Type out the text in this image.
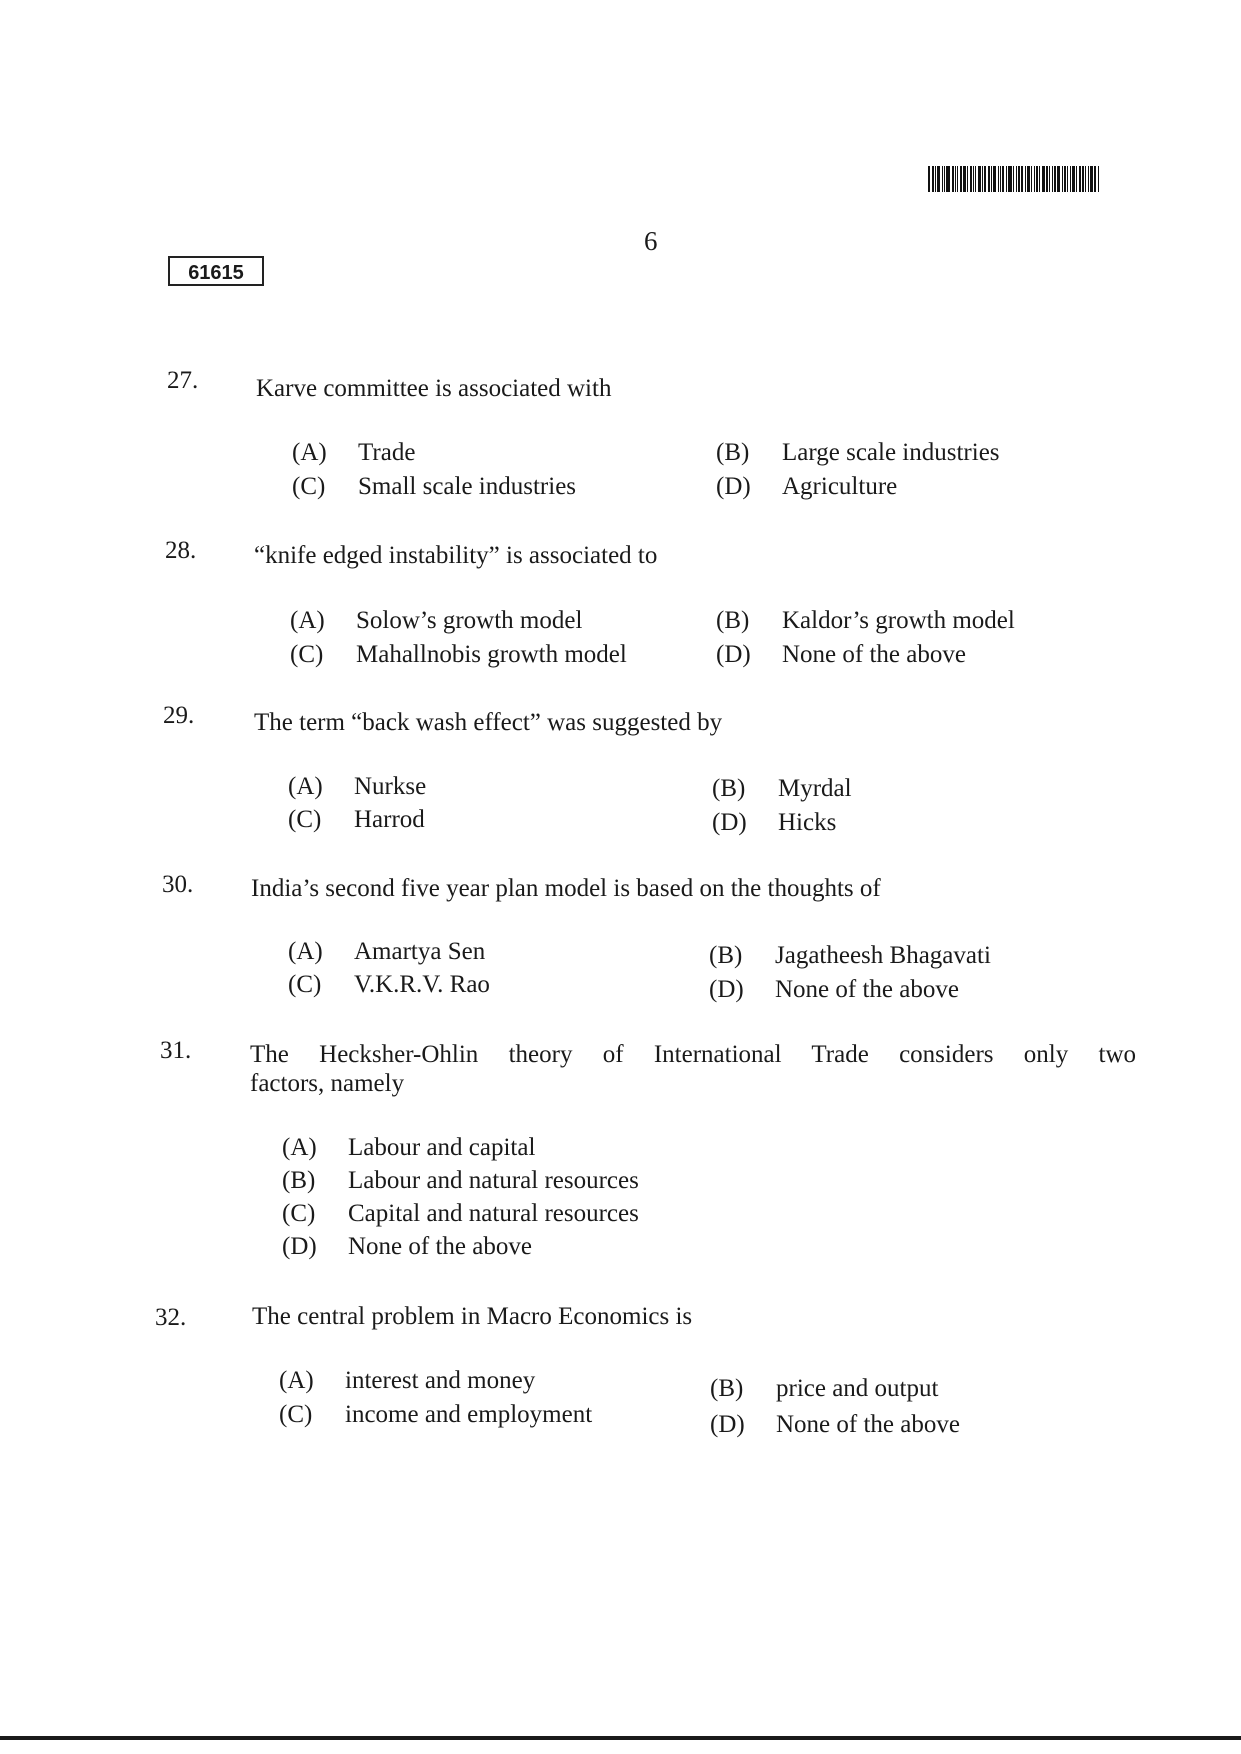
6
61615
27. Karve committee is associated with
(A) Trade	(B) Large scale industries
(C) Small scale industries	(D) Agriculture
28. “knife edged instability” is associated to
(A) Solow’s growth model	(B) Kaldor’s growth model
(C) Mahallnobis growth model	(D) None of the above
29. The term “back wash effect” was suggested by
(A) Nurkse	(B) Myrdal
(C) Harrod	(D) Hicks
30. India’s second five year plan model is based on the thoughts of
(A) Amartya Sen	(B) Jagatheesh Bhagavati
(C) V.K.R.V. Rao	(D) None of the above
31. The Hecksher-Ohlin theory of International Trade considers only two
factors, namely
(A) Labour and capital
(B) Labour and natural resources
(C) Capital and natural resources
(D) None of the above
32.	The central problem in Macro Economics is
(A) interest and money	(B) price and output
(C) income and employment	(D) None of the above
